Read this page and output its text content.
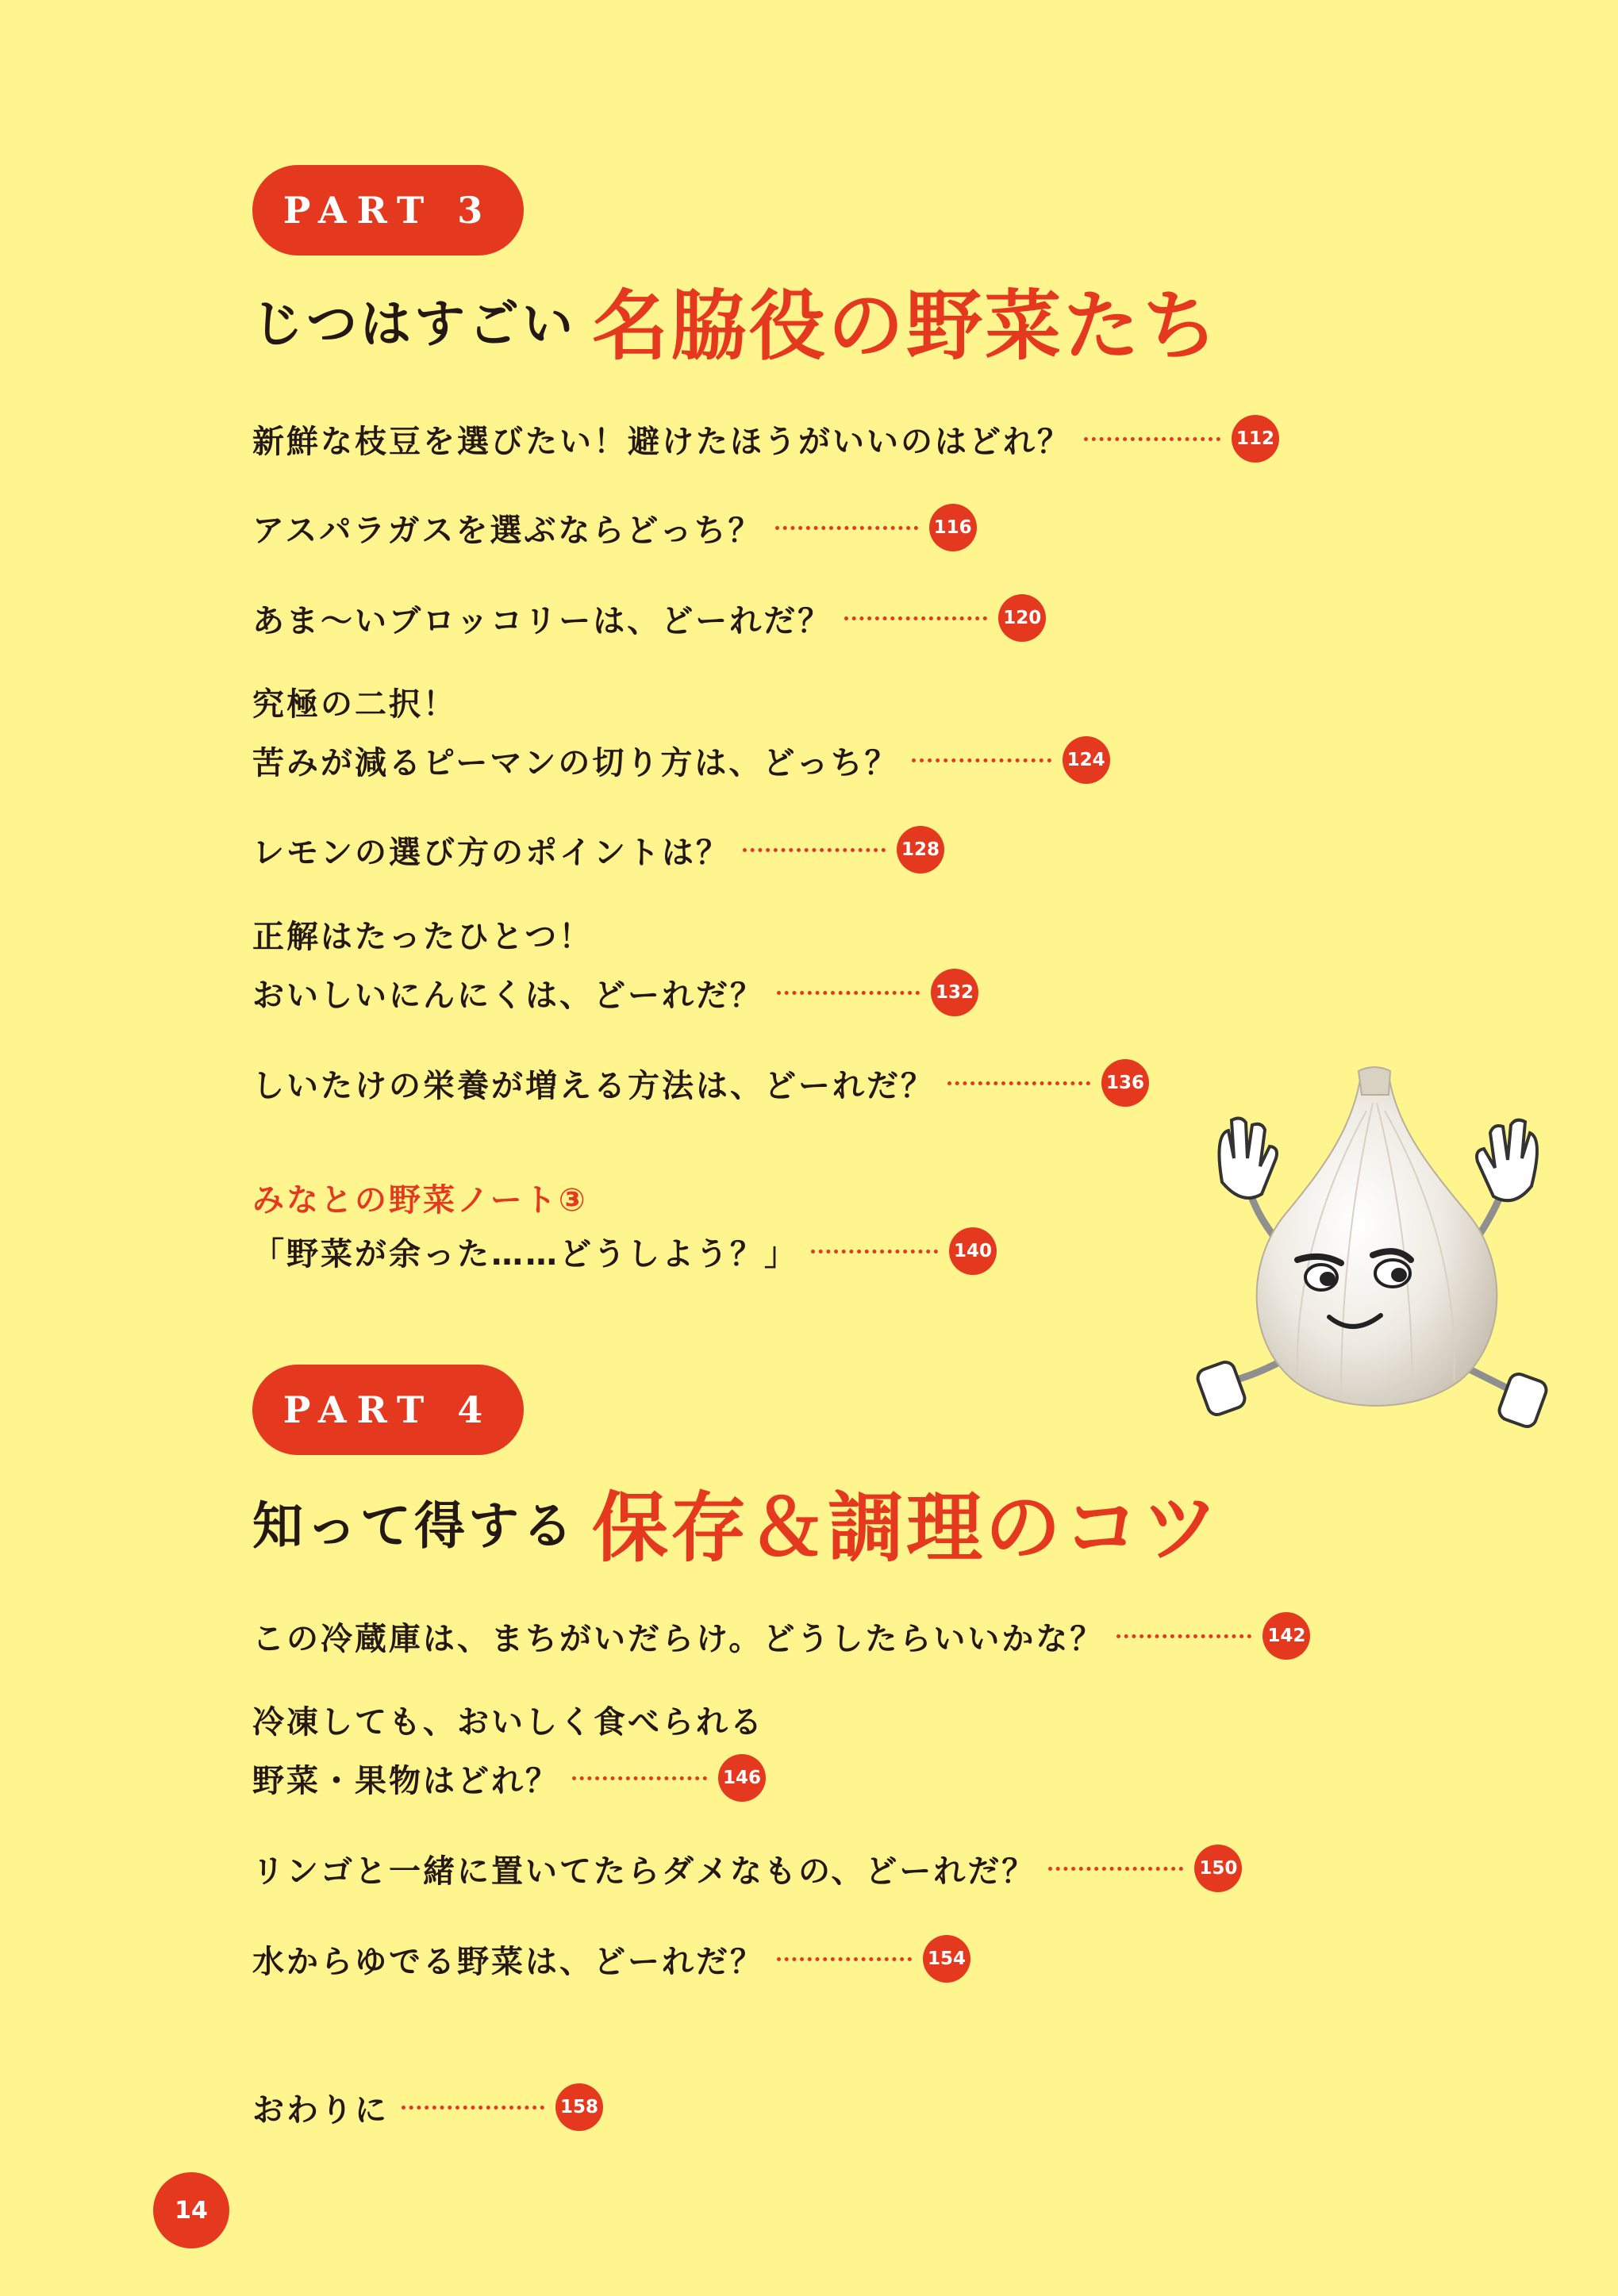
PART 3
じつはすごい 名脇役の野菜たち
新鮮な枝豆を選びたい！避けたほうがいいのはどれ？	112
アスパラガスを選ぶならどっち？	116
あま～いブロッコリーは、どーれだ？	120
究極の二択！
苦みが減るピーマンの切り方は、どっち？	124
レモンの選び方のポイントは？	128
正解はたったひとつ！
おいしいにんにくは、どーれだ？	132
しいたけの栄養が増える方法は、どーれだ？	136
みなとの野菜ノート③
「野菜が余った……どうしよう？」	140
PART 4
知って得する 保存＆調理のコツ
この冷蔵庫は、まちがいだらけ。どうしたらいいかな？	142
冷凍しても、おいしく食べられる
野菜・果物はどれ？	146
リンゴと一緒に置いてたらダメなもの、どーれだ？	150
水からゆでる野菜は、どーれだ？	154
おわりに	158
14
